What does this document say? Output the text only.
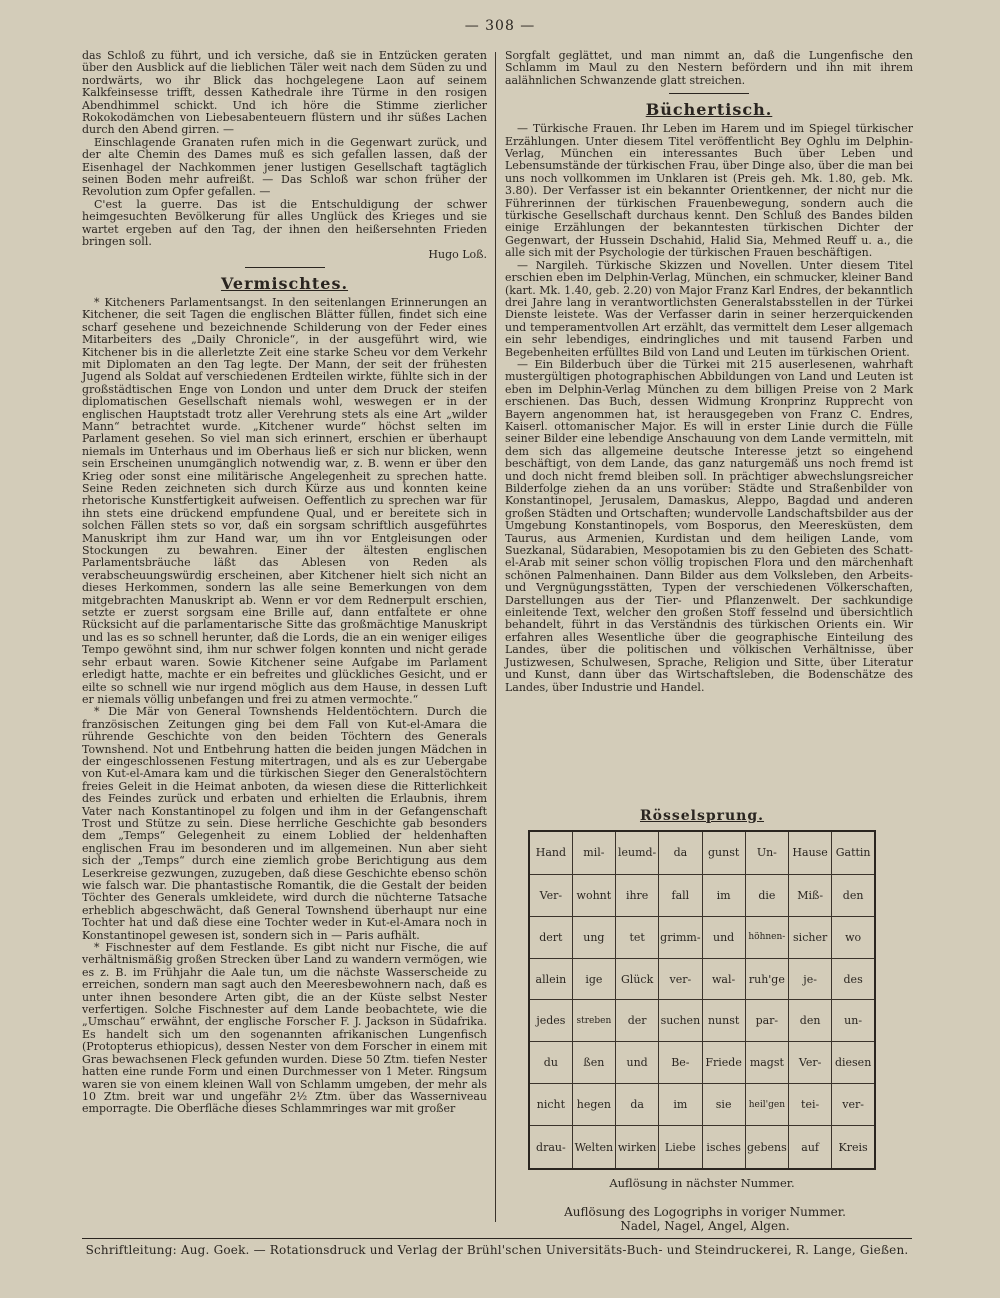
— 308 —

das Schloß zu führt, und ich versiche, daß sie in Entzücken geraten über den Ausblick auf die lieblichen Täler weit nach dem Süden zu und nordwärts, wo ihr Blick das hochgelegene Laon auf seinem Kalkfeinsesse trifft, dessen Kathedrale ihre Türme in den rosigen Abendhimmel schickt. Und ich höre die Stimme zierlicher Rokokodämchen von Liebesabenteuern flüstern und ihr süßes Lachen durch den Abend girren. —

Einschlagende Granaten rufen mich in die Gegenwart zurück, und der alte Chemin des Dames muß es sich gefallen lassen, daß der Eisenhagel der Nachkommen jener lustigen Gesellschaft tagtäglich seinen Boden mehr aufreißt. — Das Schloß war schon früher der Revolution zum Opfer gefallen. —

C'est la guerre. Das ist die Entschuldigung der schwer heimgesuchten Bevölkerung für alles Unglück des Krieges und sie wartet ergeben auf den Tag, der ihnen den heißersehnten Frieden bringen soll.

Hugo Loß.

Vermischtes.

* Kitcheners Parlamentsangst. In den seitenlangen Erinnerungen an Kitchener, die seit Tagen die englischen Blätter füllen, findet sich eine scharf gesehene und bezeichnende Schilderung von der Feder eines Mitarbeiters des „Daily Chronicle“, in der ausgeführt wird, wie Kitchener bis in die allerletzte Zeit eine starke Scheu vor dem Verkehr mit Diplomaten an den Tag legte. Der Mann, der seit der frühesten Jugend als Soldat auf verschiedenen Erdteilen wirkte, fühlte sich in der großstädtischen Enge von London und unter dem Druck der steifen diplomatischen Gesellschaft niemals wohl, weswegen er in der englischen Hauptstadt trotz aller Verehrung stets als eine Art „wilder Mann“ betrachtet wurde. „Kitchener wurde“ höchst selten im Parlament gesehen. So viel man sich erinnert, erschien er überhaupt niemals im Unterhaus und im Oberhaus ließ er sich nur blicken, wenn sein Erscheinen unumgänglich notwendig war, z. B. wenn er über den Krieg oder sonst eine militärische Angelegenheit zu sprechen hatte. Seine Reden zeichneten sich durch Kürze aus und konnten keine rhetorische Kunstfertigkeit aufweisen. Oeffentlich zu sprechen war für ihn stets eine drückend empfundene Qual, und er bereitete sich in solchen Fällen stets so vor, daß ein sorgsam schriftlich ausgeführtes Manuskript ihm zur Hand war, um ihn vor Entgleisungen oder Stockungen zu bewahren. Einer der ältesten englischen Parlamentsbräuche läßt das Ablesen von Reden als verabscheuungswürdig erscheinen, aber Kitchener hielt sich nicht an dieses Herkommen, sondern las alle seine Bemerkungen von dem mitgebrachten Manuskript ab. Wenn er vor dem Rednerpult erschien, setzte er zuerst sorgsam eine Brille auf, dann entfaltete er ohne Rücksicht auf die parlamentarische Sitte das großmächtige Manuskript und las es so schnell herunter, daß die Lords, die an ein weniger eiliges Tempo gewöhnt sind, ihm nur schwer folgen konnten und nicht gerade sehr erbaut waren. Sowie Kitchener seine Aufgabe im Parlament erledigt hatte, machte er ein befreites und glückliches Gesicht, und er eilte so schnell wie nur irgend möglich aus dem Hause, in dessen Luft er niemals völlig unbefangen und frei zu atmen vermochte.“

* Die Mär von General Townshends Heldentöchtern. Durch die französischen Zeitungen ging bei dem Fall von Kut-el-Amara die rührende Geschichte von den beiden Töchtern des Generals Townshend. Not und Entbehrung hatten die beiden jungen Mädchen in der eingeschlossenen Festung mitertragen, und als es zur Uebergabe von Kut-el-Amara kam und die türkischen Sieger den Generalstöchtern freies Geleit in die Heimat anboten, da wiesen diese die Ritterlichkeit des Feindes zurück und erbaten und erhielten die Erlaubnis, ihrem Vater nach Konstantinopel zu folgen und ihm in der Gefangenschaft Trost und Stütze zu sein. Diese herrliche Geschichte gab besonders dem „Temps“ Gelegenheit zu einem Loblied der heldenhaften englischen Frau im besonderen und im allgemeinen. Nun aber sieht sich der „Temps“ durch eine ziemlich grobe Berichtigung aus dem Leserkreise gezwungen, zuzugeben, daß diese Geschichte ebenso schön wie falsch war. Die phantastische Romantik, die die Gestalt der beiden Töchter des Generals umkleidete, wird durch die nüchterne Tatsache erheblich abgeschwächt, daß General Townshend überhaupt nur eine Tochter hat und daß diese eine Tochter weder in Kut-el-Amara noch in Konstantinopel gewesen ist, sondern sich in — Paris aufhält.

* Fischnester auf dem Festlande. Es gibt nicht nur Fische, die auf verhältnismäßig großen Strecken über Land zu wandern vermögen, wie es z. B. im Frühjahr die Aale tun, um die nächste Wasserscheide zu erreichen, sondern man sagt auch den Meeresbewohnern nach, daß es unter ihnen besondere Arten gibt, die an der Küste selbst Nester verfertigen. Solche Fischnester auf dem Lande beobachtete, wie die „Umschau“ erwähnt, der englische Forscher F. J. Jackson in Südafrika. Es handelt sich um den sogenannten afrikanischen Lungenfisch (Protopterus ethiopicus), dessen Nester von dem Forscher in einem mit Gras bewachsenen Fleck gefunden wurden. Diese 50 Ztm. tiefen Nester hatten eine runde Form und einen Durchmesser von 1 Meter. Ringsum waren sie von einem kleinen Wall von Schlamm umgeben, der mehr als 10 Ztm. breit war und ungefähr 2½ Ztm. über das Wasserniveau emporragte. Die Oberfläche dieses Schlammringes war mit großer

Sorgfalt geglättet, und man nimmt an, daß die Lungenfische den Schlamm im Maul zu den Nestern befördern und ihn mit ihrem aalähnlichen Schwanzende glatt streichen.

Büchertisch.

— Türkische Frauen. Ihr Leben im Harem und im Spiegel türkischer Erzählungen. Unter diesem Titel veröffentlicht Bey Oghlu im Delphin-Verlag, München ein interessantes Buch über Leben und Lebensumstände der türkischen Frau, über Dinge also, über die man bei uns noch vollkommen im Unklaren ist (Preis geh. Mk. 1.80, geb. Mk. 3.80). Der Verfasser ist ein bekannter Orientkenner, der nicht nur die Führerinnen der türkischen Frauenbewegung, sondern auch die türkische Gesellschaft durchaus kennt. Den Schluß des Bandes bilden einige Erzählungen der bekanntesten türkischen Dichter der Gegenwart, der Hussein Dschahid, Halid Sia, Mehmed Reuff u. a., die alle sich mit der Psychologie der türkischen Frauen beschäftigen.

— Nargileh. Türkische Skizzen und Novellen. Unter diesem Titel erschien eben im Delphin-Verlag, München, ein schmucker, kleiner Band (kart. Mk. 1.40, geb. 2.20) von Major Franz Karl Endres, der bekanntlich drei Jahre lang in verantwortlichsten Generalstabsstellen in der Türkei Dienste leistete. Was der Verfasser darin in seiner herzerquickenden und temperamentvollen Art erzählt, das vermittelt dem Leser allgemach ein sehr lebendiges, eindringliches und mit tausend Farben und Begebenheiten erfülltes Bild von Land und Leuten im türkischen Orient.

— Ein Bilderbuch über die Türkei mit 215 auserlesenen, wahrhaft mustergültigen photographischen Abbildungen von Land und Leuten ist eben im Delphin-Verlag München zu dem billigen Preise von 2 Mark erschienen. Das Buch, dessen Widmung Kronprinz Rupprecht von Bayern angenommen hat, ist herausgegeben von Franz C. Endres, Kaiserl. ottomanischer Major. Es will in erster Linie durch die Fülle seiner Bilder eine lebendige Anschauung von dem Lande vermitteln, mit dem sich das allgemeine deutsche Interesse jetzt so eingehend beschäftigt, von dem Lande, das ganz naturgemäß uns noch fremd ist und doch nicht fremd bleiben soll. In prächtiger abwechslungsreicher Bilderfolge ziehen da an uns vorüber: Städte und Straßenbilder von Konstantinopel, Jerusalem, Damaskus, Aleppo, Bagdad und anderen großen Städten und Ortschaften; wundervolle Landschaftsbilder aus der Umgebung Konstantinopels, vom Bosporus, den Meeresküsten, dem Taurus, aus Armenien, Kurdistan und dem heiligen Lande, vom Suezkanal, Südarabien, Mesopotamien bis zu den Gebieten des Schatt-el-Arab mit seiner schon völlig tropischen Flora und den märchenhaft schönen Palmenhainen. Dann Bilder aus dem Volksleben, den Arbeits- und Vergnügungsstätten, Typen der verschiedenen Völkerschaften, Darstellungen aus der Tier- und Pflanzenwelt. Der sachkundige einleitende Text, welcher den großen Stoff fesselnd und übersichtlich behandelt, führt in das Verständnis des türkischen Orients ein. Wir erfahren alles Wesentliche über die geographische Einteilung des Landes, über die politischen und völkischen Verhältnisse, über Justizwesen, Schulwesen, Sprache, Religion und Sitte, über Literatur und Kunst, dann über das Wirtschaftsleben, die Bodenschätze des Landes, über Industrie und Handel.

Rösselsprung.
Hand	mil-	leumd-	da	gunst	Un-	Hause	Gattin
Ver-	wohnt	ihre	fall	im	die	Miß-	den
dert	ung	tet	grimm-	und	höhnen-	sicher	wo
allein	ige	Glück	ver-	wal-	ruh'ge	je-	des
jedes	streben	der	suchen	nunst	par-	den	un-
du	ßen	und	Be-	Friede	magst	Ver-	diesen
nicht	hegen	da	im	sie	heil'gen	tei-	ver-
drau-	Welten	wirken	Liebe	isches	gebens	auf	Kreis
Auflösung in nächster Nummer.
Auflösung des Logogriphs in voriger Nummer.
Nadel, Nagel, Angel, Algen.
Schriftleitung: Aug. Goek. — Rotationsdruck und Verlag der Brühl'schen Universitäts-Buch- und Steindruckerei, R. Lange, Gießen.
